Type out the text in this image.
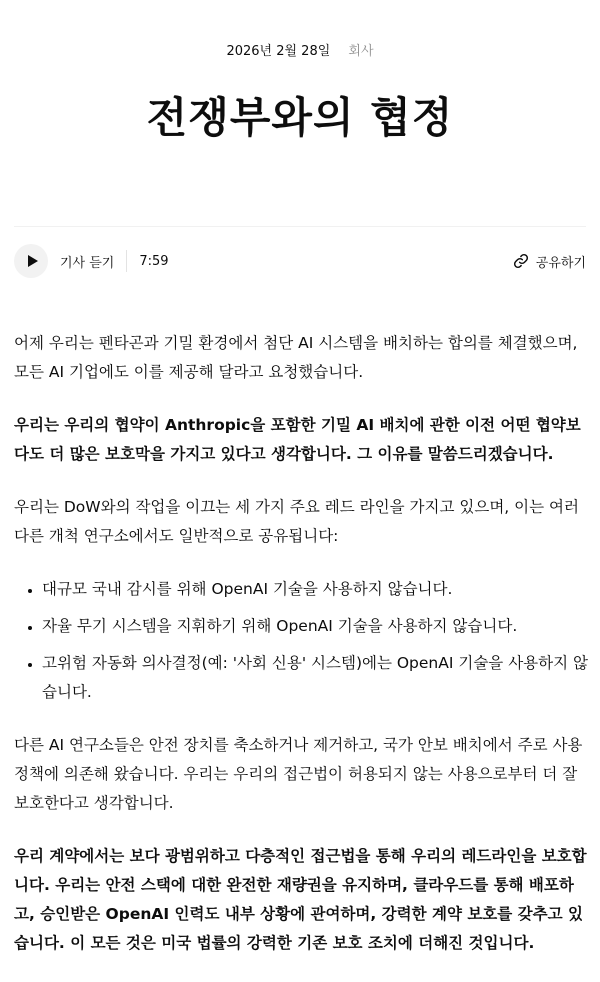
2026년 2월 28일 회사
전쟁부와의 협정
기사 듣기 7:59	공유하기

어제 우리는 펜타곤과 기밀 환경에서 첨단 AI 시스템을 배치하는 합의를 체결했으며, 모든 AI 기업에도 이를 제공해 달라고 요청했습니다.

우리는 우리의 협약이 Anthropic을 포함한 기밀 AI 배치에 관한 이전 어떤 협약보다도 더 많은 보호막을 가지고 있다고 생각합니다. 그 이유를 말씀드리겠습니다.

우리는 DoW와의 작업을 이끄는 세 가지 주요 레드 라인을 가지고 있으며, 이는 여러 다른 개척 연구소에서도 일반적으로 공유됩니다:

• 대규모 국내 감시를 위해 OpenAI 기술을 사용하지 않습니다.
• 자율 무기 시스템을 지휘하기 위해 OpenAI 기술을 사용하지 않습니다.
• 고위험 자동화 의사결정(예: '사회 신용' 시스템)에는 OpenAI 기술을 사용하지 않습니다.

다른 AI 연구소들은 안전 장치를 축소하거나 제거하고, 국가 안보 배치에서 주로 사용 정책에 의존해 왔습니다. 우리는 우리의 접근법이 허용되지 않는 사용으로부터 더 잘 보호한다고 생각합니다.

우리 계약에서는 보다 광범위하고 다층적인 접근법을 통해 우리의 레드라인을 보호합니다. 우리는 안전 스택에 대한 완전한 재량권을 유지하며, 클라우드를 통해 배포하고, 승인받은 OpenAI 인력도 내부 상황에 관여하며, 강력한 계약 보호를 갖추고 있습니다. 이 모든 것은 미국 법률의 강력한 기존 보호 조치에 더해진 것입니다.
